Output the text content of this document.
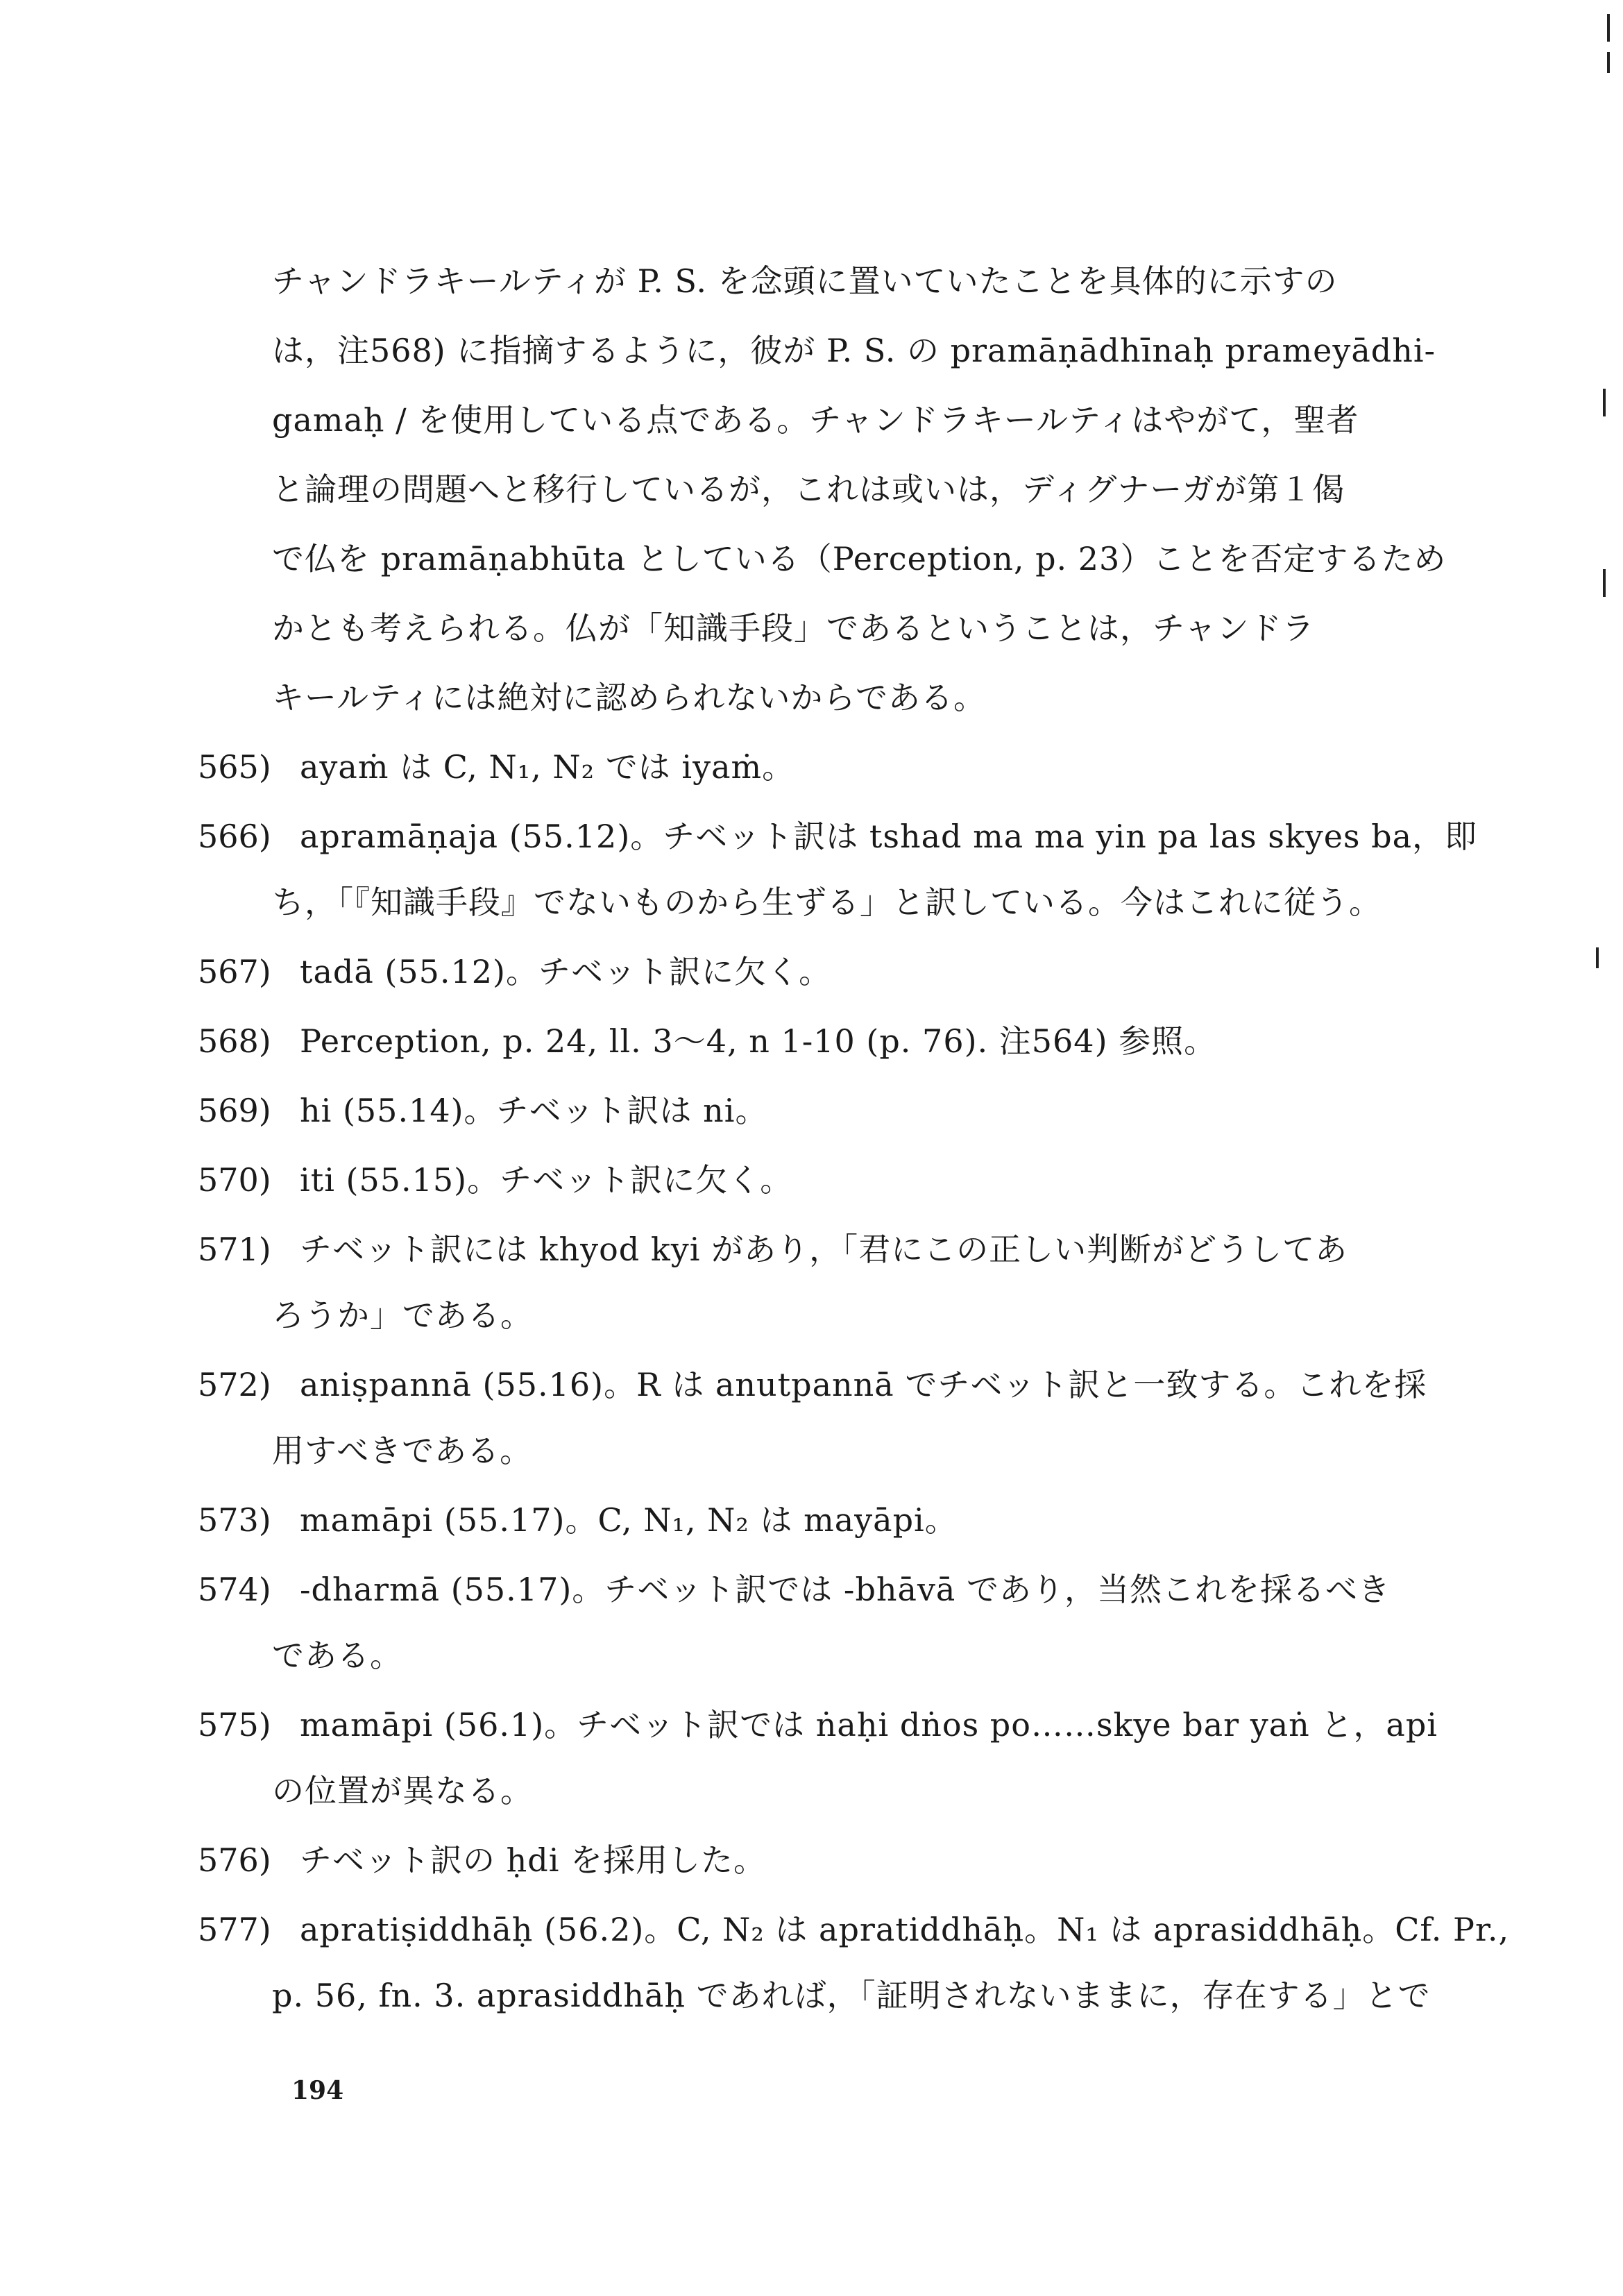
チャンドラキールティが P. S. を念頭に置いていたことを具体的に示すの
は，注568) に指摘するように，彼が P. S. の pramāṇādhīnaḥ prameyādhi-
gamaḥ / を使用している点である。チャンドラキールティはやがて，聖者
と論理の問題へと移行しているが，これは或いは，ディグナーガが第１偈
で仏を pramāṇabhūta としている（Perception, p. 23）ことを否定するため
かとも考えられる。仏が「知識手段」であるということは，チャンドラ
キールティには絶対に認められないからである。
565) ayaṁ は C, N₁, N₂ では iyaṁ。
566) apramāṇaja (55.12)。チベット訳は tshad ma ma yin pa las skyes ba，即
ち，「『知識手段』でないものから生ずる」と訳している。今はこれに従う。
567) tadā (55.12)。チベット訳に欠く。
568) Perception, p. 24, ll. 3〜4, n 1-10 (p. 76). 注564) 参照。
569) hi (55.14)。チベット訳は ni。
570) iti (55.15)。チベット訳に欠く。
571) チベット訳には khyod kyi があり，「君にこの正しい判断がどうしてあ
ろうか」である。
572) aniṣpannā (55.16)。R は anutpannā でチベット訳と一致する。これを採
用すべきである。
573) mamāpi (55.17)。C, N₁, N₂ は mayāpi。
574) -dharmā (55.17)。チベット訳では -bhāvā であり，当然これを採るべき
である。
575) mamāpi (56.1)。チベット訳では ṅaḥi dṅos po……skye bar yaṅ と，api
の位置が異なる。
576) チベット訳の ḥdi を採用した。
577) apratiṣiddhāḥ (56.2)。C, N₂ は apratiddhāḥ。N₁ は aprasiddhāḥ。Cf. Pr.,
p. 56, fn. 3. aprasiddhāḥ であれば，「証明されないままに，存在する」とで
194
